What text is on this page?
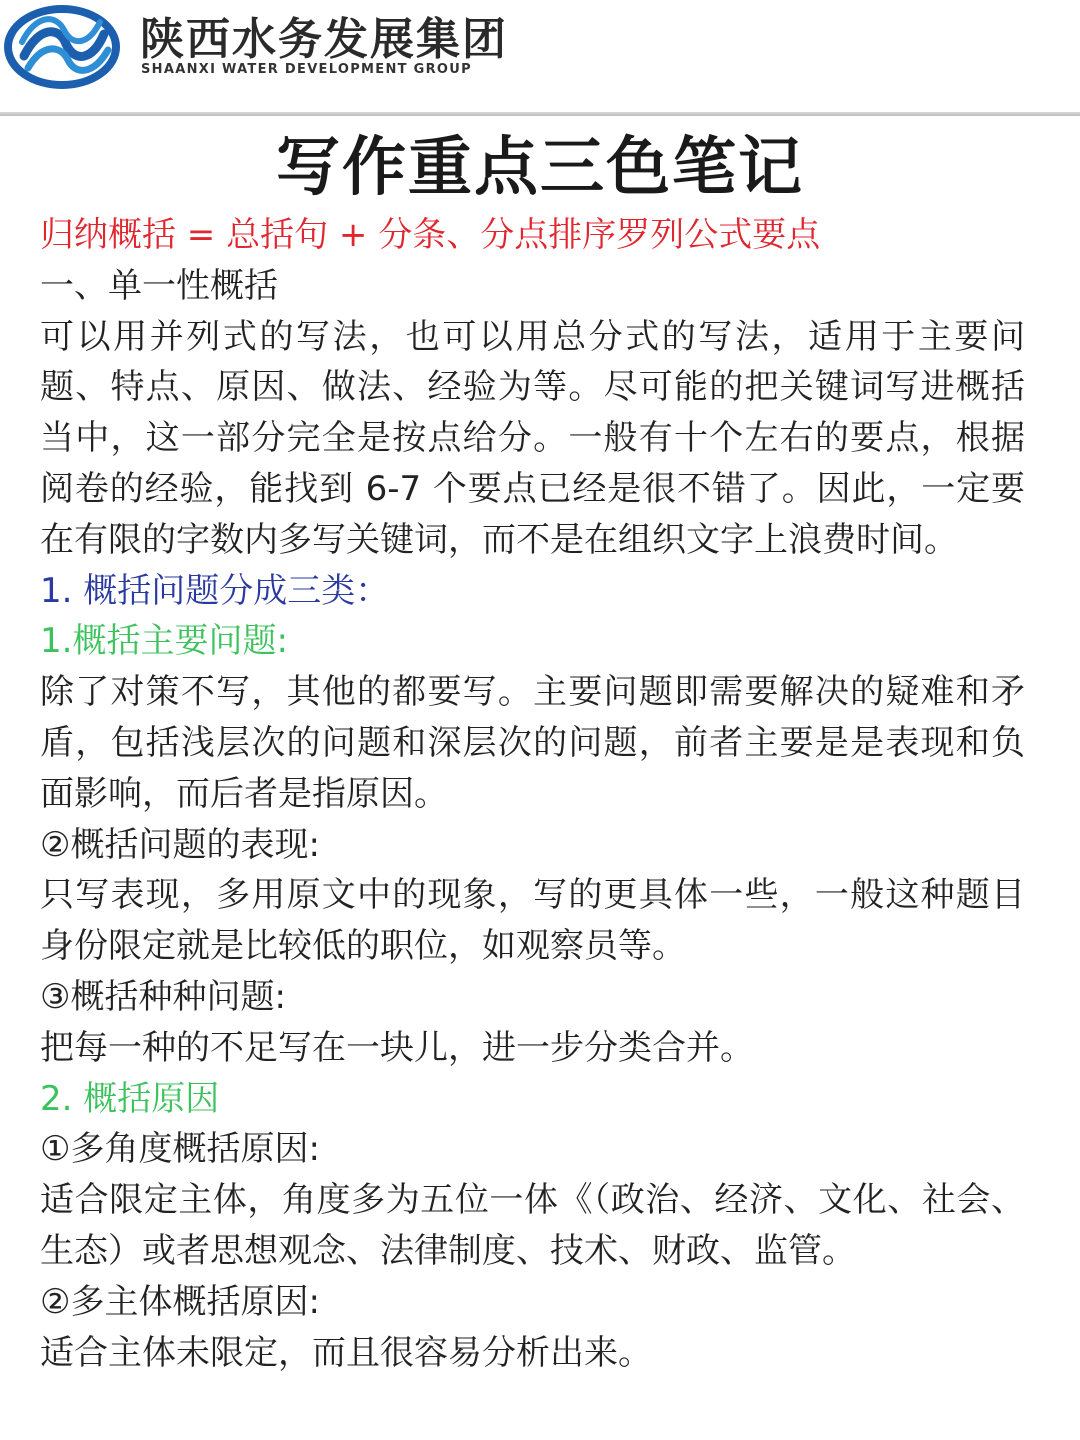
陕西水务发展集团
SHAANXI WATER DEVELOPMENT GROUP
写作重点三色笔记

归纳概括 = 总括句 + 分条、分点排序罗列公式要点

一、单一性概括

可以用并列式的写法，也可以用总分式的写法，适用于主要问题、特点、原因、做法、经验为等。尽可能的把关键词写进概括当中，这一部分完全是按点给分。一般有十个左右的要点，根据阅卷的经验，能找到 6-7 个要点已经是很不错了。因此，一定要在有限的字数内多写关键词，而不是在组织文字上浪费时间。

1. 概括问题分成三类：

1.概括主要问题:

除了对策不写，其他的都要写。主要问题即需要解决的疑难和矛盾，包括浅层次的问题和深层次的问题，前者主要是是表现和负面影响，而后者是指原因。

②概括问题的表现:

只写表现，多用原文中的现象，写的更具体一些，一般这种题目身份限定就是比较低的职位，如观察员等。

③概括种种问题:

把每一种的不足写在一块儿，进一步分类合并。

2. 概括原因

①多角度概括原因:

适合限定主体，角度多为五位一体《（政治、经济、文化、社会、生态）或者思想观念、法律制度、技术、财政、监管。

②多主体概括原因:

适合主体未限定，而且很容易分析出来。
